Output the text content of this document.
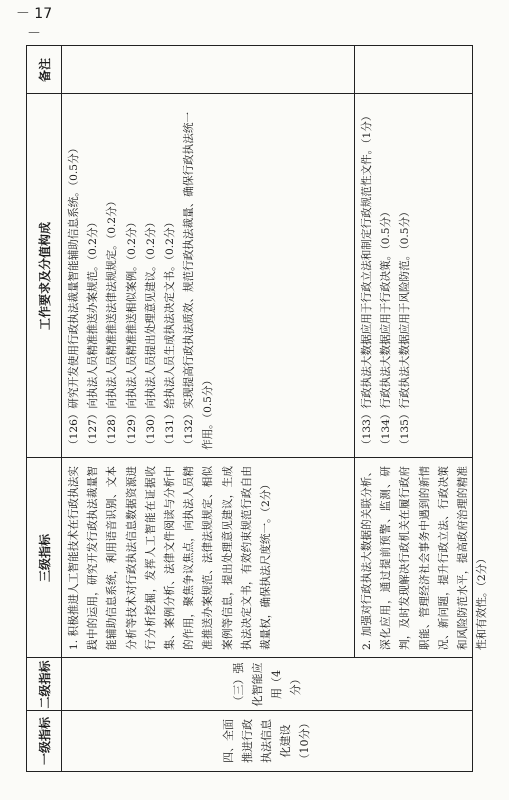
一级指标
二级指标
三级指标
工作要求及分值构成
备注
四、全面推进行政执法信息化建设（10分）
（三）强化智能应用（4分）
1. 积极推进人工智能技术在行政执法实践中的运用，研究开发行政执法裁量智能辅助信息系统，利用语音识别、文本分析等技术对行政执法信息数据资源进行分析挖掘，发挥人工智能在证据收集、案例分析、法律文件阅读与分析中的作用，聚焦争议焦点，向执法人员精准推送办案规范、法律法规规定、相似案例等信息，提出处理意见建议，生成执法决定文书，有效约束规范行政自由裁量权，确保执法尺度统一。（2分）

（126）研究开发使用行政执法裁量智能辅助信息系统。（0.5分） （127）向执法人员精准推送办案规范。（0.2分） （128）向执法人员精准推送法律法规规定。（0.2分） （129）向执法人员精准推送相似案例。（0.2分） （130）向执法人员提出处理意见建议。（0.2分） （131）给执法人员生成执法决定文书。（0.2分） （132）实现提高行政执法质效、规范行政执法裁量、确保行政执法统一作用。（0.5分）

2. 加强对行政执法大数据的关联分析、深化应用，通过提前预警、监测、研判，及时发现解决行政机关在履行政府职能、管理经济社会事务中遇到的新情况、新问题，提升行政立法、行政决策和风险防范水平，提高政府治理的精准性和有效性。（2分）

（133）行政执法大数据应用于行政立法和制定行政规范性文件。（1分） （134）行政执法大数据应用于行政决策。（0.5分） （135）行政执法大数据应用于风险防范。（0.5分）

－ 17 －
